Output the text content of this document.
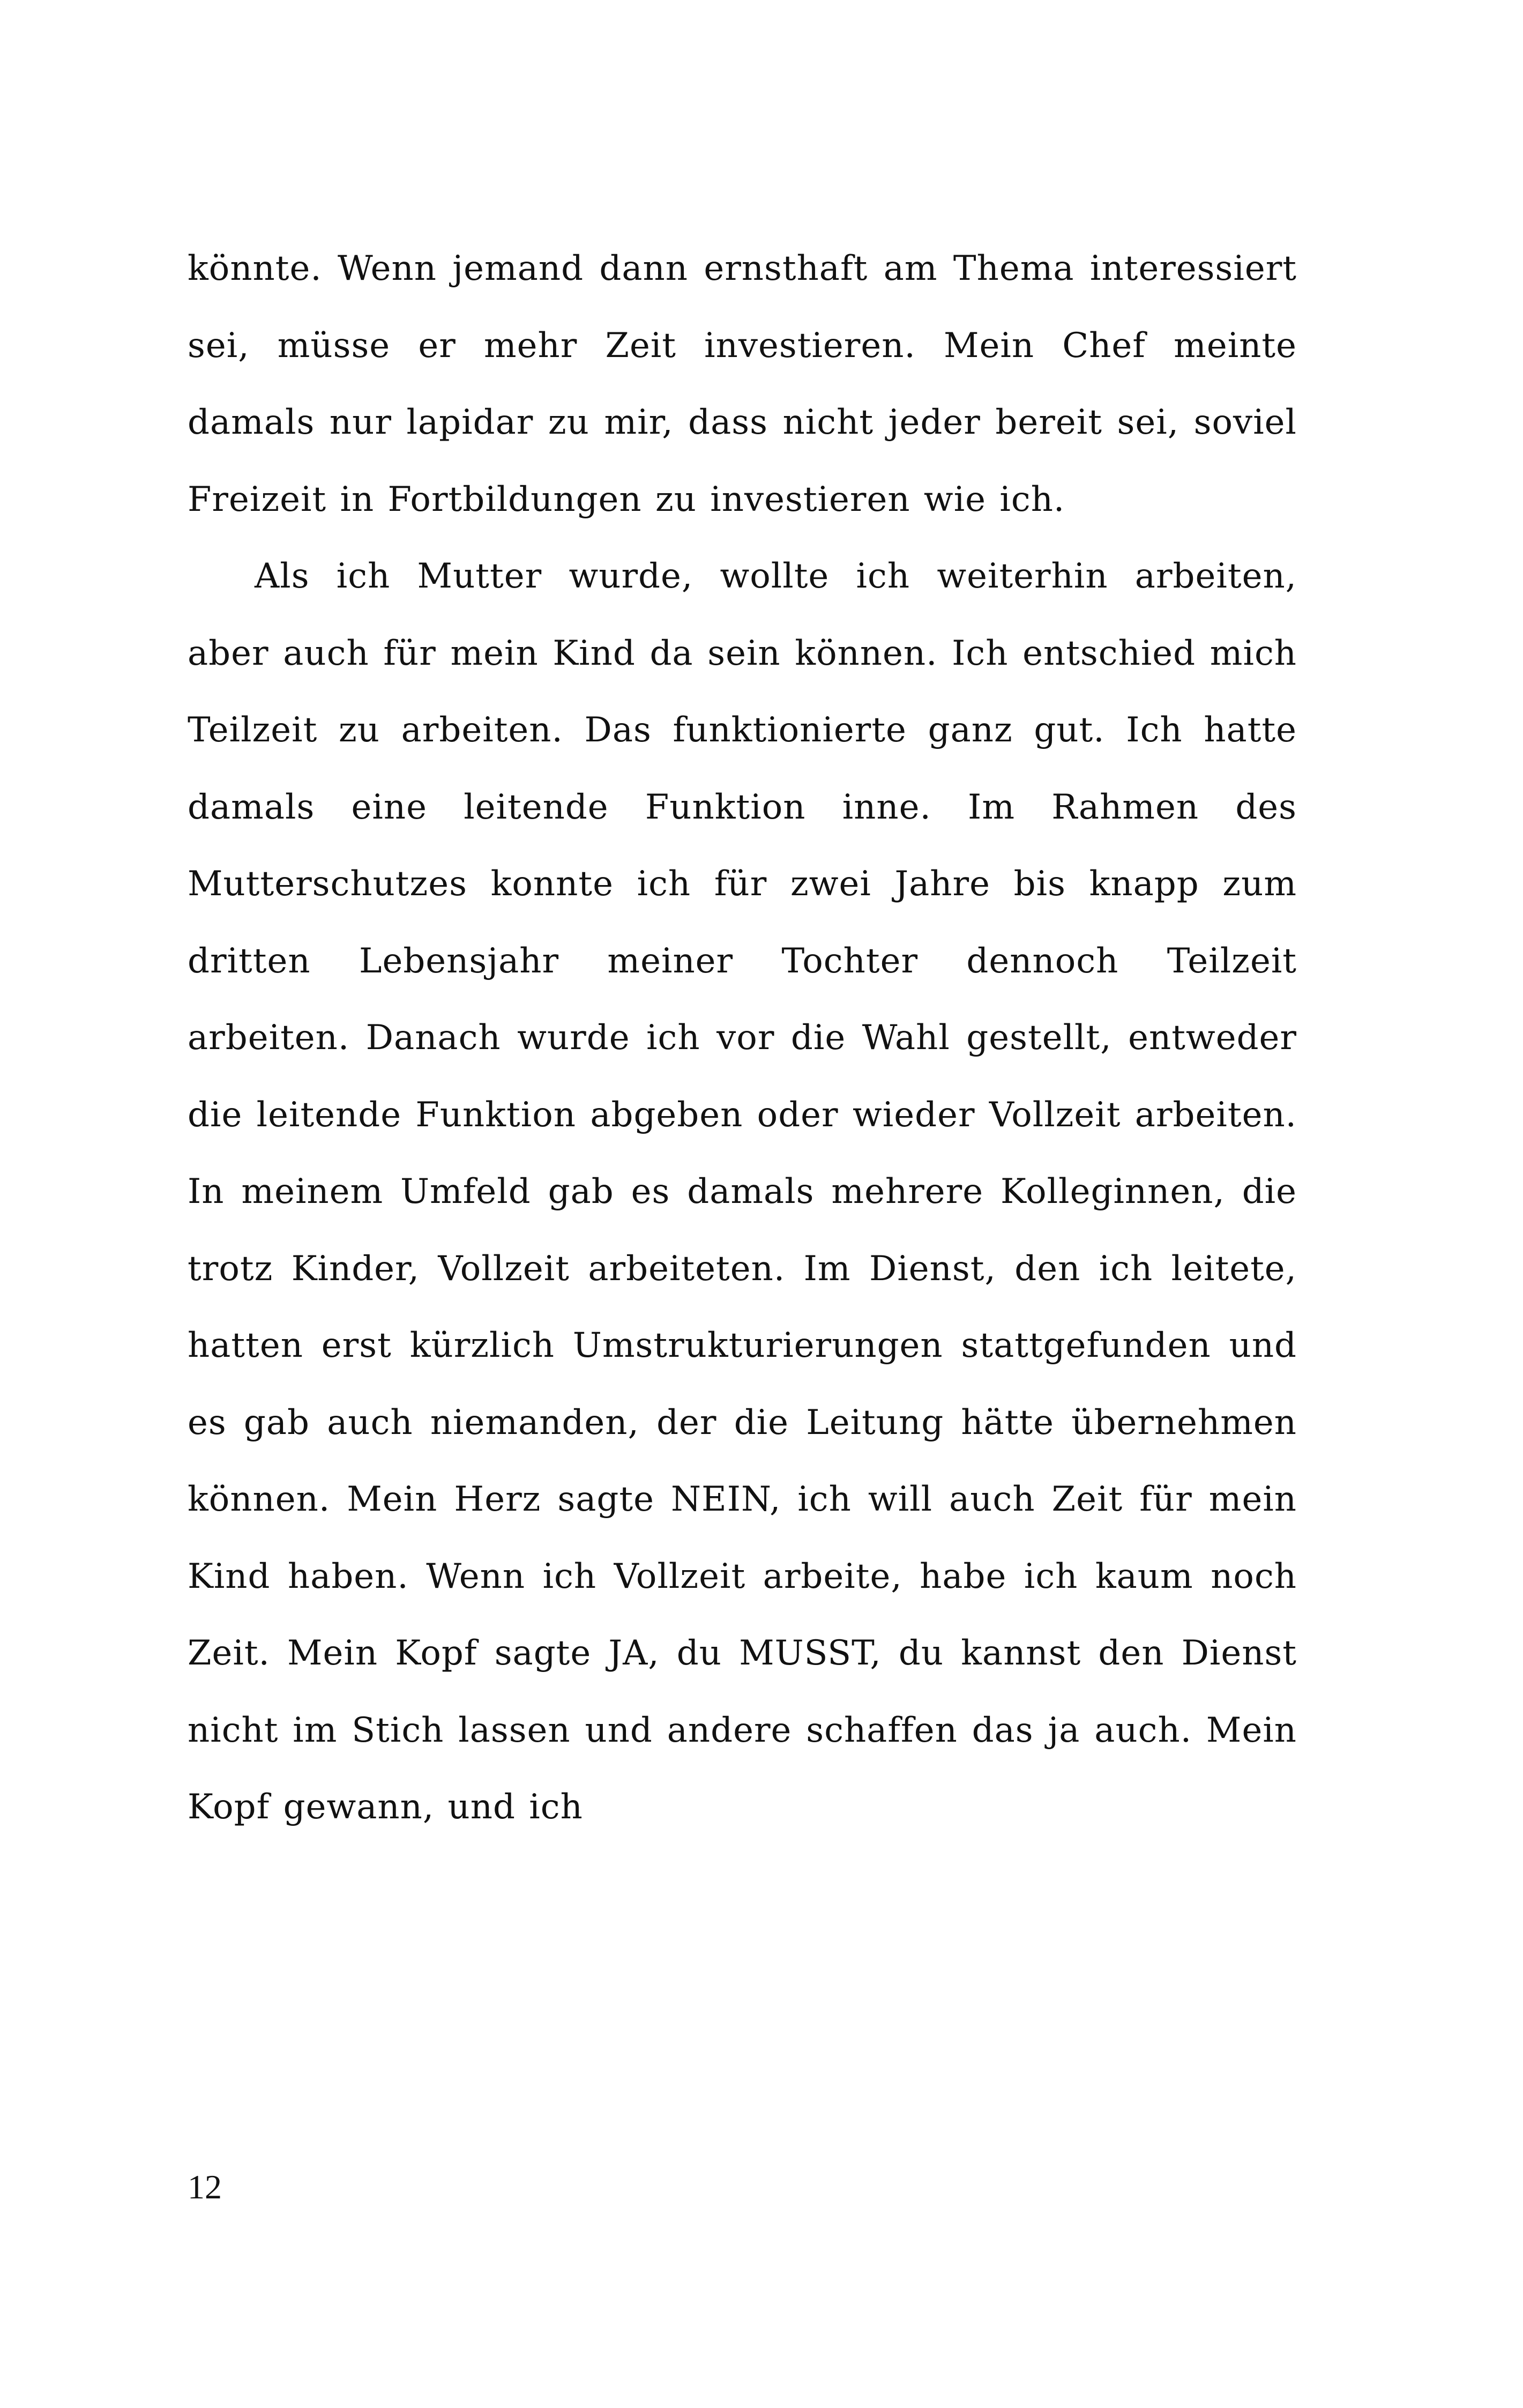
könnte. Wenn jemand dann ernsthaft am Thema interessiert sei, müsse er mehr Zeit investieren. Mein Chef meinte damals nur lapidar zu mir, dass nicht jeder bereit sei, soviel Freizeit in Fortbildungen zu investieren wie ich.

Als ich Mutter wurde, wollte ich weiterhin arbeiten, aber auch für mein Kind da sein können. Ich entschied mich Teilzeit zu arbeiten. Das funktionierte ganz gut. Ich hatte damals eine leitende Funktion inne. Im Rahmen des Mutterschutzes konnte ich für zwei Jahre bis knapp zum dritten Lebensjahr meiner Tochter dennoch Teilzeit arbeiten. Danach wurde ich vor die Wahl gestellt, entweder die leitende Funktion abgeben oder wieder Vollzeit arbeiten. In meinem Umfeld gab es damals mehrere Kolleginnen, die trotz Kinder, Vollzeit arbeiteten. Im Dienst, den ich leitete, hatten erst kürzlich Umstrukturierungen stattgefunden und es gab auch niemanden, der die Leitung hätte übernehmen können. Mein Herz sagte NEIN, ich will auch Zeit für mein Kind haben. Wenn ich Vollzeit arbeite, habe ich kaum noch Zeit. Mein Kopf sagte JA, du MUSST, du kannst den Dienst nicht im Stich lassen und andere schaffen das ja auch. Mein Kopf gewann, und ich

12
